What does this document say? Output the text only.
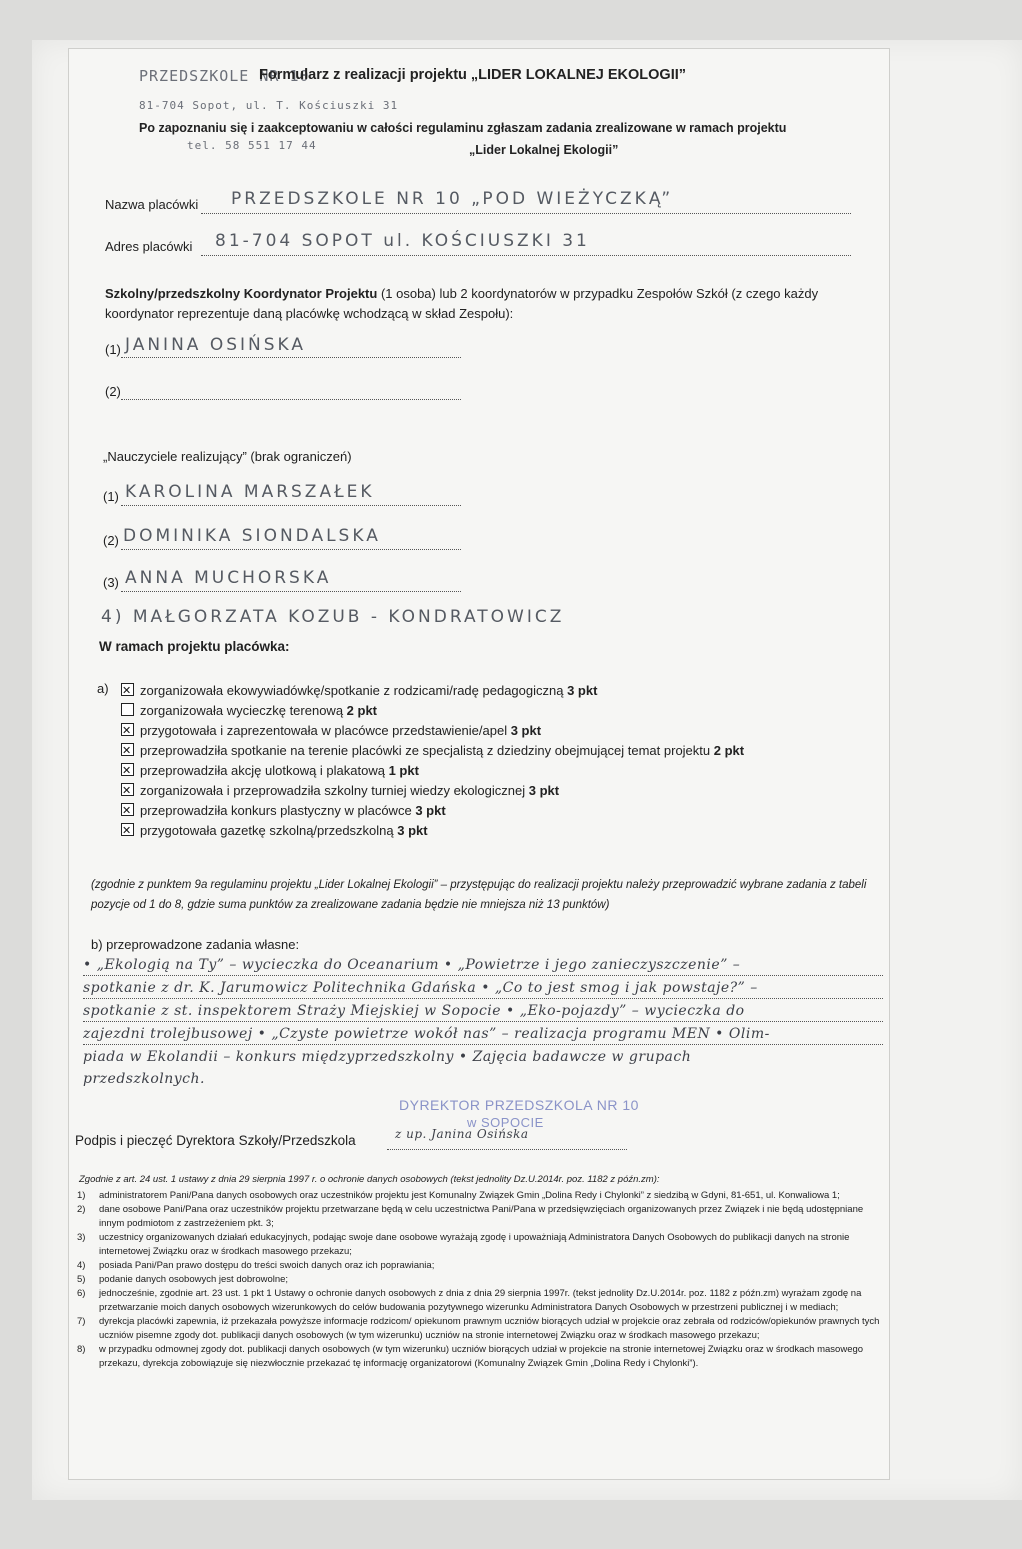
PRZEDSZKOLE NR 10
Formularz z realizacji projektu „LIDER LOKALNEJ EKOLOGII”
81-704 Sopot, ul. T. Kościuszki 31
Po zapoznaniu się i zaakceptowaniu w całości regulaminu zgłaszam zadania zrealizowane w ramach projektu
tel. 58 551 17 44	„Lider Lokalnej Ekologii”
Nazwa placówki PRZEDSZKOLE NR 10 „POD WIEŻYCZKĄ”
Adres placówki 81-704 SOPOT ul. KOŚCIUSZKI 31
Szkolny/przedszkolny Koordynator Projektu (1 osoba) lub 2 koordynatorów w przypadku Zespołów Szkół (z czego każdy koordynator reprezentuje daną placówkę wchodzącą w skład Zespołu):
(1) JANINA OSIŃSKA
(2)
„Nauczyciele realizujący” (brak ograniczeń)
(1) KAROLINA MARSZAŁEK
(2) DOMINIKA SIONDALSKA
(3) ANNA MUCHORSKA
4) MAŁGORZATA KOZUB - KONDRATOWICZ
W ramach projektu placówka:
a)
✕	zorganizowała ekowywiadówkę/spotkanie z rodzicami/radę pedagogiczną 3 pkt
zorganizowała wycieczkę terenową 2 pkt
✕przygotowała i zaprezentowała w placówce przedstawienie/apel 3 pkt
✕przeprowadziła spotkanie na terenie placówki ze specjalistą z dziedziny obejmującej temat projektu 2 pkt
✕przeprowadziła akcję ulotkową i plakatową 1 pkt
✕zorganizowała i przeprowadziła szkolny turniej wiedzy ekologicznej 3 pkt
✕przeprowadziła konkurs plastyczny w placówce 3 pkt
✕przygotowała gazetkę szkolną/przedszkolną 3 pkt
(zgodnie z punktem 9a regulaminu projektu „Lider Lokalnej Ekologii” – przystępując do realizacji projektu należy przeprowadzić wybrane zadania z tabeli pozycje od 1 do 8, gdzie suma punktów za zrealizowane zadania będzie nie mniejsza niż 13 punktów)
b) przeprowadzone zadania własne:
• „Ekologią na Ty” – wycieczka do Oceanarium • „Powietrze i jego zanieczyszczenie” –
spotkanie z dr. K. Jarumowicz Politechnika Gdańska • „Co to jest smog i jak powstaje?” –
spotkanie z st. inspektorem Straży Miejskiej w Sopocie • „Eko-pojazdy” – wycieczka do
zajezdni trolejbusowej • „Czyste powietrze wokół nas” – realizacja programu MEN • Olim-
piada w Ekolandii – konkurs międzyprzedszkolny • Zajęcia badawcze w grupach
przedszkolnych.
DYREKTOR PRZEDSZKOLA NR 10
w SOPOCIE
Podpis i pieczęć Dyrektora Szkoły/Przedszkola	z up. Janina Osińska
Zgodnie z art. 24 ust. 1 ustawy z dnia 29 sierpnia 1997 r. o ochronie danych osobowych (tekst jednolity Dz.U.2014r. poz. 1182 z późn.zm):
1)	administratorem Pani/Pana danych osobowych oraz uczestników projektu jest Komunalny Związek Gmin „Dolina Redy i Chylonki” z siedzibą w Gdyni, 81-651, ul. Konwaliowa 1;
2)	dane osobowe Pani/Pana oraz uczestników projektu przetwarzane będą w celu uczestnictwa Pani/Pana w przedsięwzięciach organizowanych przez Związek i nie będą udostępniane innym podmiotom z zastrzeżeniem pkt. 3;
3)	uczestnicy organizowanych działań edukacyjnych, podając swoje dane osobowe wyrażają zgodę i upoważniają Administratora Danych Osobowych do publikacji danych na stronie internetowej Związku oraz w środkach masowego przekazu;
4)	posiada Pani/Pan prawo dostępu do treści swoich danych oraz ich poprawiania;
5)	podanie danych osobowych jest dobrowolne;
6)	jednocześnie, zgodnie art. 23 ust. 1 pkt 1 Ustawy o ochronie danych osobowych z dnia z dnia 29 sierpnia 1997r. (tekst jednolity Dz.U.2014r. poz. 1182 z późn.zm) wyrażam zgodę na przetwarzanie moich danych osobowych wizerunkowych do celów budowania pozytywnego wizerunku Administratora Danych Osobowych w przestrzeni publicznej i w mediach;
7)	dyrekcja placówki zapewnia, iż przekazała powyższe informacje rodzicom/ opiekunom prawnym uczniów biorących udział w projekcie oraz zebrała od rodziców/opiekunów prawnych tych uczniów pisemne zgody dot. publikacji danych osobowych (w tym wizerunku) uczniów na stronie internetowej Związku oraz w środkach masowego przekazu;
8)	w przypadku odmownej zgody dot. publikacji danych osobowych (w tym wizerunku) uczniów biorących udział w projekcie na stronie internetowej Związku oraz w środkach masowego przekazu, dyrekcja zobowiązuje się niezwłocznie przekazać tę informację organizatorowi (Komunalny Związek Gmin „Dolina Redy i Chylonki”).
